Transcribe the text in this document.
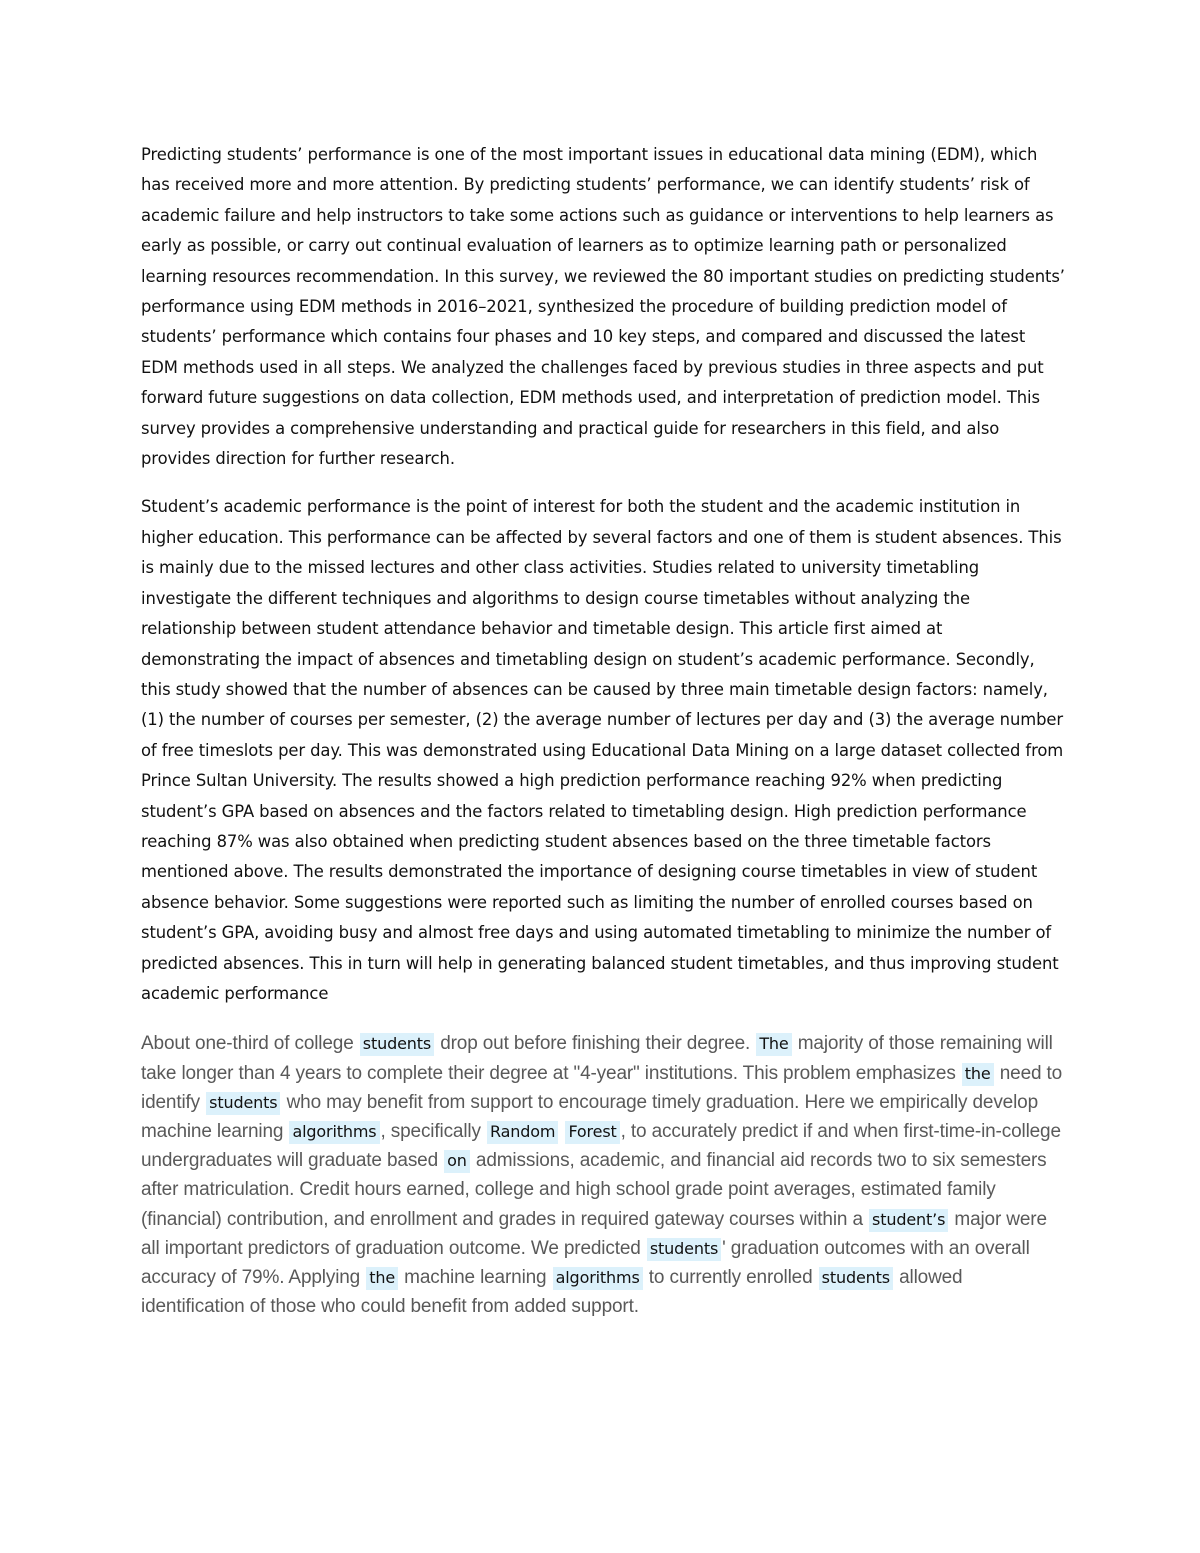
Predicting students’ performance is one of the most important issues in educational data mining (EDM), which has received more and more attention. By predicting students’ performance, we can identify students’ risk of academic failure and help instructors to take some actions such as guidance or interventions to help learners as early as possible, or carry out continual evaluation of learners as to optimize learning path or personalized learning resources recommendation. In this survey, we reviewed the 80 important studies on predicting students’ performance using EDM methods in 2016–2021, synthesized the procedure of building prediction model of students’ performance which contains four phases and 10 key steps, and compared and discussed the latest EDM methods used in all steps. We analyzed the challenges faced by previous studies in three aspects and put forward future suggestions on data collection, EDM methods used, and interpretation of prediction model. This survey provides a comprehensive understanding and practical guide for researchers in this field, and also provides direction for further research.

Student’s academic performance is the point of interest for both the student and the academic institution in higher education. This performance can be affected by several factors and one of them is student absences. This is mainly due to the missed lectures and other class activities. Studies related to university timetabling investigate the different techniques and algorithms to design course timetables without analyzing the relationship between student attendance behavior and timetable design. This article first aimed at demonstrating the impact of absences and timetabling design on student’s academic performance. Secondly, this study showed that the number of absences can be caused by three main timetable design factors: namely, (1) the number of courses per semester, (2) the average number of lectures per day and (3) the average number of free timeslots per day. This was demonstrated using Educational Data Mining on a large dataset collected from Prince Sultan University. The results showed a high prediction performance reaching 92% when predicting student’s GPA based on absences and the factors related to timetabling design. High prediction performance reaching 87% was also obtained when predicting student absences based on the three timetable factors mentioned above. The results demonstrated the importance of designing course timetables in view of student absence behavior. Some suggestions were reported such as limiting the number of enrolled courses based on student’s GPA, avoiding busy and almost free days and using automated timetabling to minimize the number of predicted absences. This in turn will help in generating balanced student timetables, and thus improving student academic performance

About one-third of college students drop out before finishing their degree. The majority of those remaining will take longer than 4 years to complete their degree at "4-year" institutions. This problem emphasizes the need to identify students who may benefit from support to encourage timely graduation. Here we empirically develop machine learning algorithms , specifically Random Forest , to accurately predict if and when first-time-in-college undergraduates will graduate based on admissions, academic, and financial aid records two to six semesters after matriculation. Credit hours earned, college and high school grade point averages, estimated family (financial) contribution, and enrollment and grades in required gateway courses within a student’s major were all important predictors of graduation outcome. We predicted students ' graduation outcomes with an overall accuracy of 79%. Applying the machine learning algorithms to currently enrolled students allowed identification of those who could benefit from added support.
